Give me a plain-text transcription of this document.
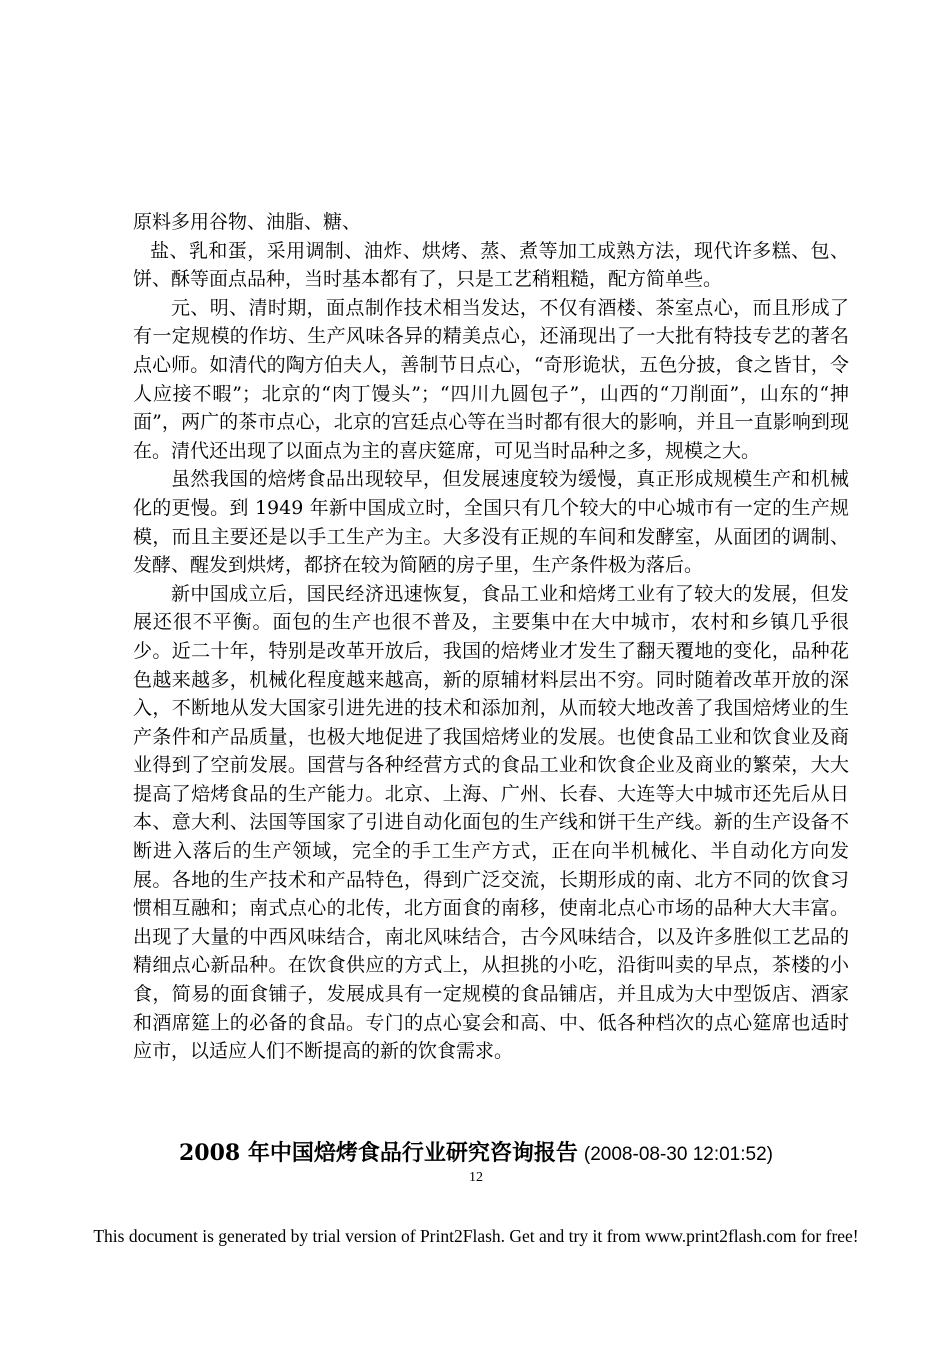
原料多用谷物、油脂、糖、

盐、乳和蛋，采用调制、油炸、烘烤、蒸、煮等加工成熟方法，现代许多糕、包、饼、酥等面点品种，当时基本都有了，只是工艺稍粗糙，配方简单些。

元、明、清时期，面点制作技术相当发达，不仅有酒楼、茶室点心，而且形成了有一定规模的作坊、生产风味各异的精美点心，还涌现出了一大批有特技专艺的著名点心师。如清代的陶方伯夫人，善制节日点心，“奇形诡状，五色分披，食之皆甘，令人应接不暇”；北京的“肉丁馒头”；“四川九圆包子”，山西的“刀削面”，山东的“抻面”，两广的茶市点心，北京的宫廷点心等在当时都有很大的影响，并且一直影响到现在。清代还出现了以面点为主的喜庆筵席，可见当时品种之多，规模之大。

虽然我国的焙烤食品出现较早，但发展速度较为缓慢，真正形成规模生产和机械化的更慢。到 1949 年新中国成立时，全国只有几个较大的中心城市有一定的生产规模，而且主要还是以手工生产为主。大多没有正规的车间和发酵室，从面团的调制、发酵、醒发到烘烤，都挤在较为简陋的房子里，生产条件极为落后。

新中国成立后，国民经济迅速恢复，食品工业和焙烤工业有了较大的发展，但发展还很不平衡。面包的生产也很不普及，主要集中在大中城市，农村和乡镇几乎很少。近二十年，特别是改革开放后，我国的焙烤业才发生了翻天覆地的变化，品种花色越来越多，机械化程度越来越高，新的原辅材料层出不穷。同时随着改革开放的深入，不断地从发大国家引进先进的技术和添加剂，从而较大地改善了我国焙烤业的生产条件和产品质量，也极大地促进了我国焙烤业的发展。也使食品工业和饮食业及商业得到了空前发展。国营与各种经营方式的食品工业和饮食企业及商业的繁荣，大大提高了焙烤食品的生产能力。北京、上海、广州、长春、大连等大中城市还先后从日本、意大利、法国等国家了引进自动化面包的生产线和饼干生产线。新的生产设备不断进入落后的生产领域，完全的手工生产方式，正在向半机械化、半自动化方向发展。各地的生产技术和产品特色，得到广泛交流，长期形成的南、北方不同的饮食习惯相互融和；南式点心的北传，北方面食的南移，使南北点心市场的品种大大丰富。出现了大量的中西风味结合，南北风味结合，古今风味结合，以及许多胜似工艺品的精细点心新品种。在饮食供应的方式上，从担挑的小吃，沿街叫卖的早点，茶楼的小食，简易的面食铺子，发展成具有一定规模的食品铺店，并且成为大中型饭店、酒家和酒席筵上的必备的食品。专门的点心宴会和高、中、低各种档次的点心筵席也适时应市，以适应人们不断提高的新的饮食需求。

2008 年中国焙烤食品行业研究咨询报告 (2008-08-30 12:01:52)
12
This document is generated by trial version of Print2Flash. Get and try it from www.print2flash.com for free!
